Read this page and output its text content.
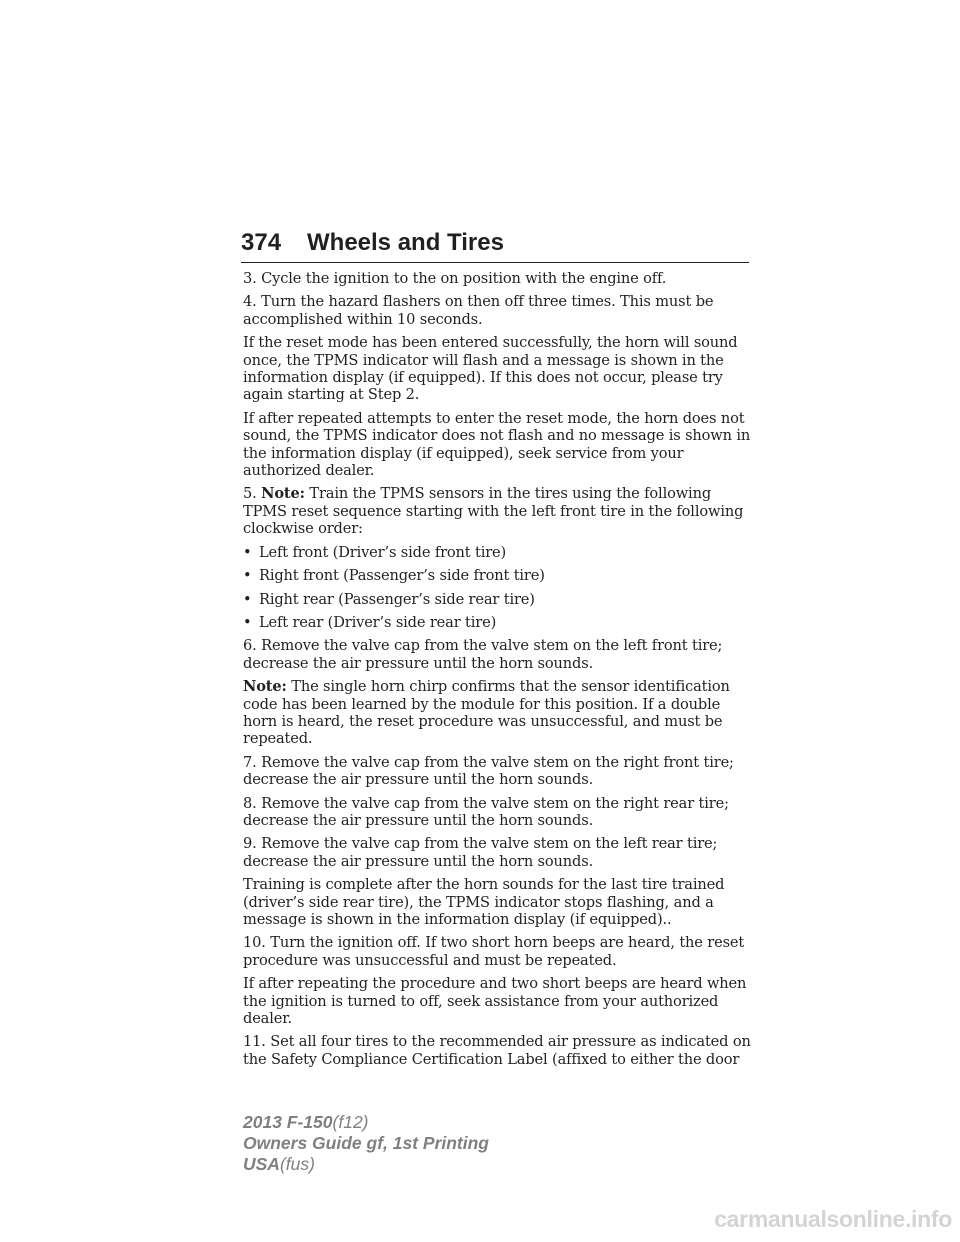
374 Wheels and Tires

3. Cycle the ignition to the on position with the engine off.

4. Turn the hazard flashers on then off three times. This must be accomplished within 10 seconds.

If the reset mode has been entered successfully, the horn will sound once, the TPMS indicator will flash and a message is shown in the information display (if equipped). If this does not occur, please try again starting at Step 2.

If after repeated attempts to enter the reset mode, the horn does not sound, the TPMS indicator does not flash and no message is shown in the information display (if equipped), seek service from your authorized dealer.

5. Note: Train the TPMS sensors in the tires using the following TPMS reset sequence starting with the left front tire in the following clockwise order:

• Left front (Driver’s side front tire)
• Right front (Passenger’s side front tire)
• Right rear (Passenger’s side rear tire)
• Left rear (Driver’s side rear tire)

6. Remove the valve cap from the valve stem on the left front tire; decrease the air pressure until the horn sounds.

Note: The single horn chirp confirms that the sensor identification code has been learned by the module for this position. If a double horn is heard, the reset procedure was unsuccessful, and must be repeated.

7. Remove the valve cap from the valve stem on the right front tire; decrease the air pressure until the horn sounds.

8. Remove the valve cap from the valve stem on the right rear tire; decrease the air pressure until the horn sounds.

9. Remove the valve cap from the valve stem on the left rear tire; decrease the air pressure until the horn sounds.

Training is complete after the horn sounds for the last tire trained (driver’s side rear tire), the TPMS indicator stops flashing, and a message is shown in the information display (if equipped)..

10. Turn the ignition off. If two short horn beeps are heard, the reset procedure was unsuccessful and must be repeated.

If after repeating the procedure and two short beeps are heard when the ignition is turned to off, seek assistance from your authorized dealer.

11. Set all four tires to the recommended air pressure as indicated on the Safety Compliance Certification Label (affixed to either the door

2013 F-150(f12)
Owners Guide gf, 1st Printing
USA(fus)
carmanualsonline.info
